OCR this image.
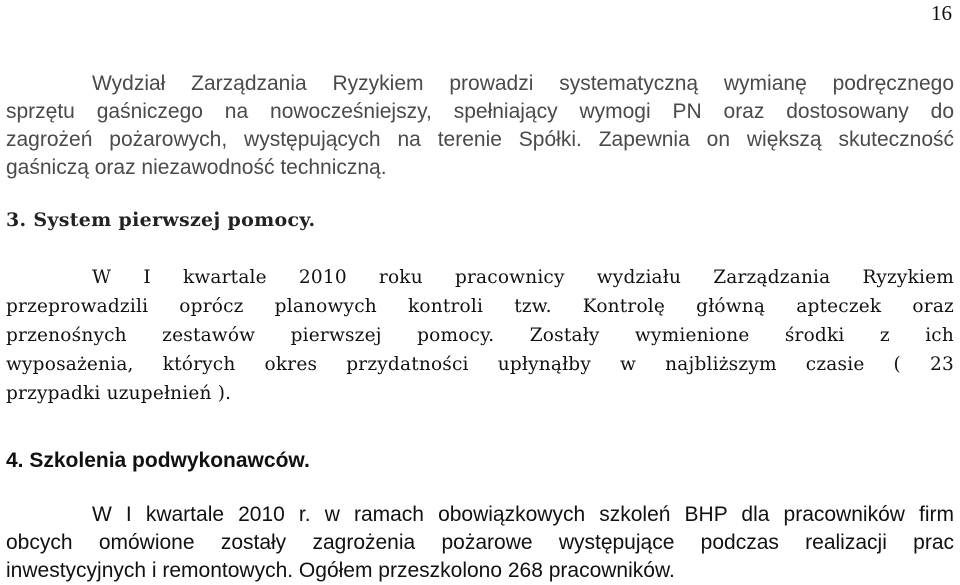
16
Wydział Zarządzania Ryzykiem prowadzi systematyczną wymianę podręcznego
sprzętu gaśniczego na nowocześniejszy, spełniający wymogi PN oraz dostosowany do
zagrożeń pożarowych, występujących na terenie Spółki. Zapewnia on większą skuteczność
gaśniczą oraz niezawodność techniczną.
3. System pierwszej pomocy.
W I kwartale 2010 roku pracownicy wydziału Zarządzania Ryzykiem
przeprowadzili oprócz planowych kontroli tzw. Kontrolę główną apteczek oraz
przenośnych zestawów pierwszej pomocy. Zostały wymienione środki z ich
wyposażenia, których okres przydatności upłynąłby w najbliższym czasie ( 23
przypadki uzupełnień ).
4. Szkolenia podwykonawców.
W I kwartale 2010 r. w ramach obowiązkowych szkoleń BHP dla pracowników firm
obcych omówione zostały zagrożenia pożarowe występujące podczas realizacji prac
inwestycyjnych i remontowych. Ogółem przeszkolono 268 pracowników.
